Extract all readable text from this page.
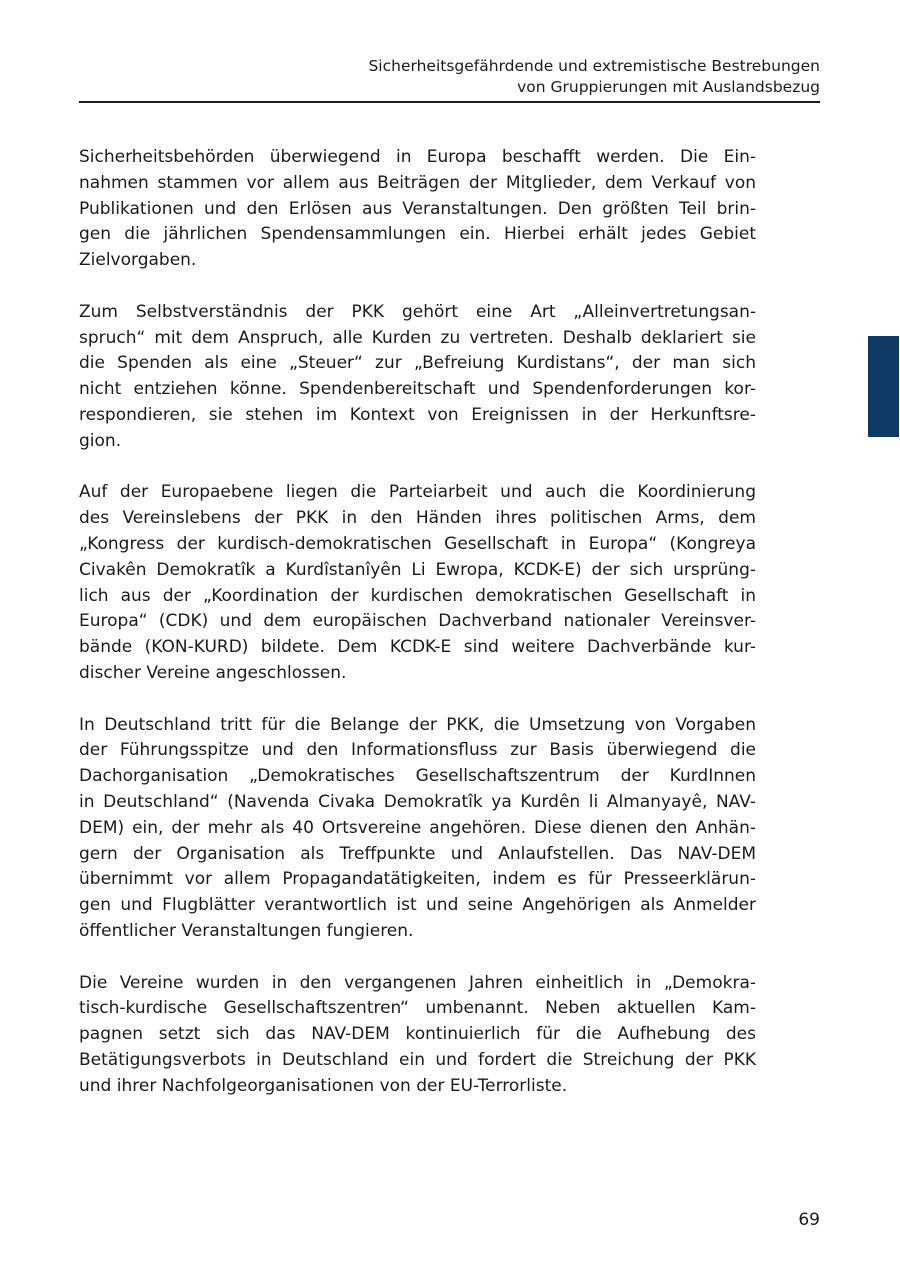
Sicherheitsgefährdende und extremistische Bestrebungen
von Gruppierungen mit Auslandsbezug

Sicherheitsbehörden überwiegend in Europa beschafft werden. Die Ein-
nahmen stammen vor allem aus Beiträgen der Mitglieder, dem Verkauf von
Publikationen und den Erlösen aus Veranstaltungen. Den größten Teil brin-
gen die jährlichen Spendensammlungen ein. Hierbei erhält jedes Gebiet
Zielvorgaben.

Zum Selbstverständnis der PKK gehört eine Art „Alleinvertretungsan-
spruch“ mit dem Anspruch, alle Kurden zu vertreten. Deshalb deklariert sie
die Spenden als eine „Steuer“ zur „Befreiung Kurdistans“, der man sich
nicht entziehen könne. Spendenbereitschaft und Spendenforderungen kor-
respondieren, sie stehen im Kontext von Ereignissen in der Herkunftsre-
gion.

Auf der Europaebene liegen die Parteiarbeit und auch die Koordinierung
des Vereinslebens der PKK in den Händen ihres politischen Arms, dem
„Kongress der kurdisch-demokratischen Gesellschaft in Europa“ (Kongreya
Civakên Demokratîk a Kurdîstanîyên Li Ewropa, KCDK-E) der sich ursprüng-
lich aus der „Koordination der kurdischen demokratischen Gesellschaft in
Europa“ (CDK) und dem europäischen Dachverband nationaler Vereinsver-
bände (KON-KURD) bildete. Dem KCDK-E sind weitere Dachverbände kur-
discher Vereine angeschlossen.

In Deutschland tritt für die Belange der PKK, die Umsetzung von Vorgaben
der Führungsspitze und den Informationsfluss zur Basis überwiegend die
Dachorganisation „Demokratisches Gesellschaftszentrum der KurdInnen
in Deutschland“ (Navenda Civaka Demokratîk ya Kurdên li Almanyayê, NAV-
DEM) ein, der mehr als 40 Ortsvereine angehören. Diese dienen den Anhän-
gern der Organisation als Treffpunkte und Anlaufstellen. Das NAV-DEM
übernimmt vor allem Propagandatätigkeiten, indem es für Presseerklärun-
gen und Flugblätter verantwortlich ist und seine Angehörigen als Anmelder
öffentlicher Veranstaltungen fungieren.

Die Vereine wurden in den vergangenen Jahren einheitlich in „Demokra-
tisch-kurdische Gesellschaftszentren“ umbenannt. Neben aktuellen Kam-
pagnen setzt sich das NAV-DEM kontinuierlich für die Aufhebung des
Betätigungsverbots in Deutschland ein und fordert die Streichung der PKK
und ihrer Nachfolgeorganisationen von der EU-Terrorliste.

69
